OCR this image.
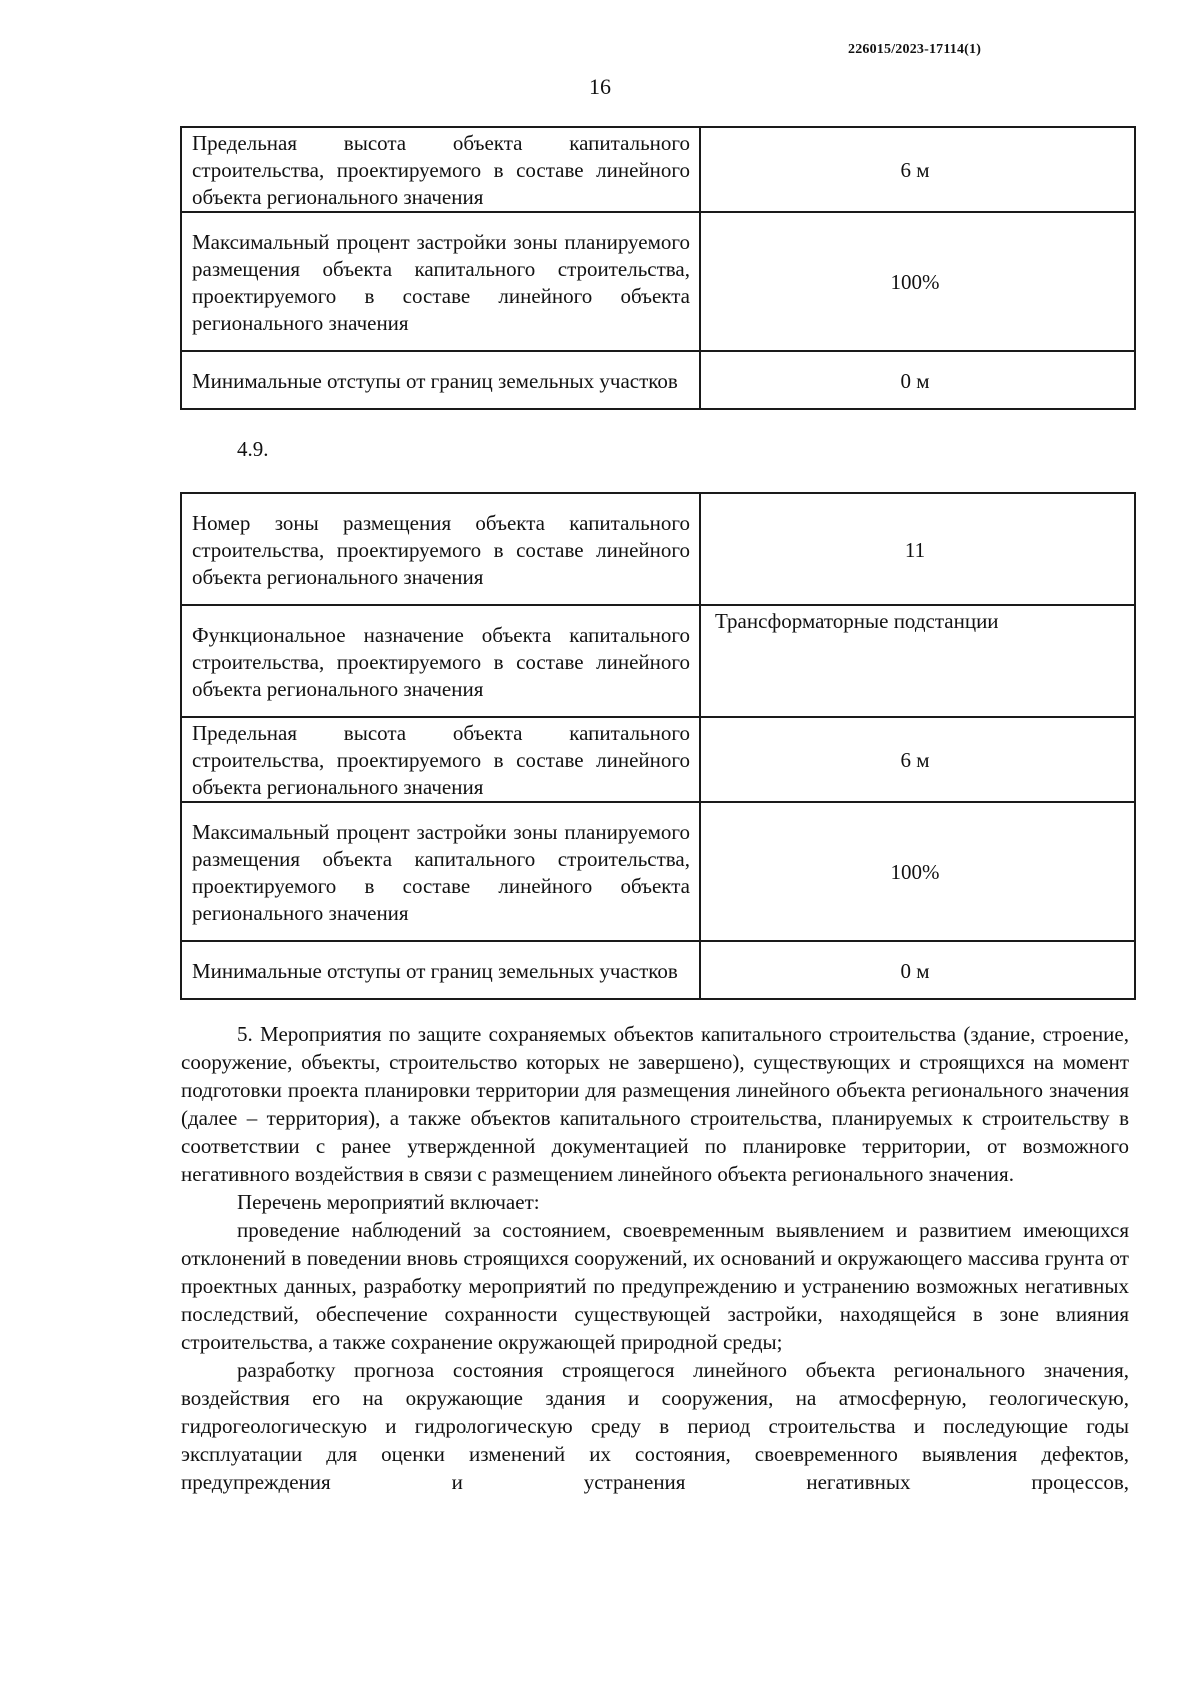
226015/2023-17114(1)
16
Предельная высота объекта капитального строительства, проектируемого в составе линейного объекта регионального значения	6 м
Максимальный процент застройки зоны планируемого размещения объекта капитального строительства, проектируемого в составе линейного объекта регионального значения	100%
Минимальные отступы от границ земельных участков	0 м
4.9.
Номер зоны размещения объекта капитального строительства, проектируемого в составе линейного объекта регионального значения	11
Функциональное назначение объекта капитального строительства, проектируемого в составе линейного объекта регионального значения	Трансформаторные подстанции
Предельная высота объекта капитального строительства, проектируемого в составе линейного объекта регионального значения	6 м
Максимальный процент застройки зоны планируемого размещения объекта капитального строительства, проектируемого в составе линейного объекта регионального значения	100%
Минимальные отступы от границ земельных участков	0 м

5. Мероприятия по защите сохраняемых объектов капитального строительства (здание, строение, сооружение, объекты, строительство которых не завершено), существующих и строящихся на момент подготовки проекта планировки территории для размещения линейного объекта регионального значения (далее – территория), а также объектов капитального строительства, планируемых к строительству в соответствии с ранее утвержденной документацией по планировке территории, от возможного негативного воздействия в связи с размещением линейного объекта регионального значения.

Перечень мероприятий включает:

проведение наблюдений за состоянием, своевременным выявлением и развитием имеющихся отклонений в поведении вновь строящихся сооружений, их оснований и окружающего массива грунта от проектных данных, разработку мероприятий по предупреждению и устранению возможных негативных последствий, обеспечение сохранности существующей застройки, находящейся в зоне влияния строительства, а также сохранение окружающей природной среды;

разработку прогноза состояния строящегося линейного объекта регионального значения, воздействия его на окружающие здания и сооружения, на атмосферную, геологическую, гидрогеологическую и гидрологическую среду в период строительства и последующие годы эксплуатации для оценки изменений их состояния, своевременного выявления дефектов, предупреждения и устранения негативных процессов,
